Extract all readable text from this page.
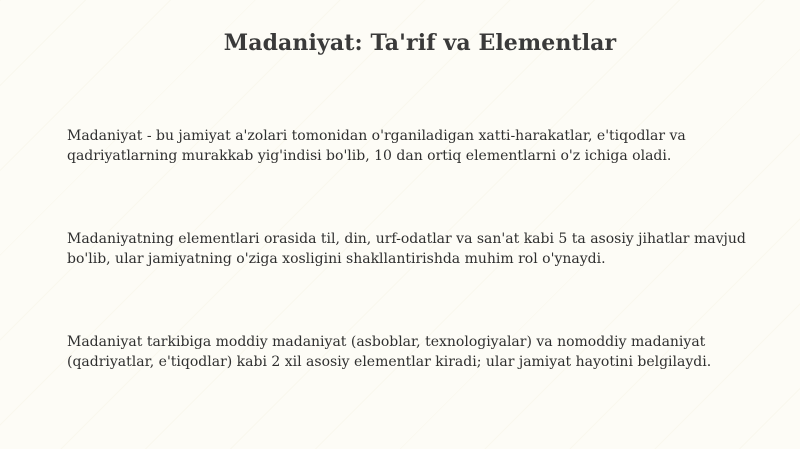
Madaniyat: Ta'rif va Elementlar

Madaniyat - bu jamiyat a'zolari tomonidan o'rganiladigan xatti-harakatlar, e'tiqodlar va qadriyatlarning murakkab yig'indisi bo'lib, 10 dan ortiq elementlarni o'z ichiga oladi.

Madaniyatning elementlari orasida til, din, urf-odatlar va san'at kabi 5 ta asosiy jihatlar mavjud bo'lib, ular jamiyatning o'ziga xosligini shakllantirishda muhim rol o'ynaydi.

Madaniyat tarkibiga moddiy madaniyat (asboblar, texnologiyalar) va nomoddiy madaniyat (qadriyatlar, e'tiqodlar) kabi 2 xil asosiy elementlar kiradi; ular jamiyat hayotini belgilaydi.
